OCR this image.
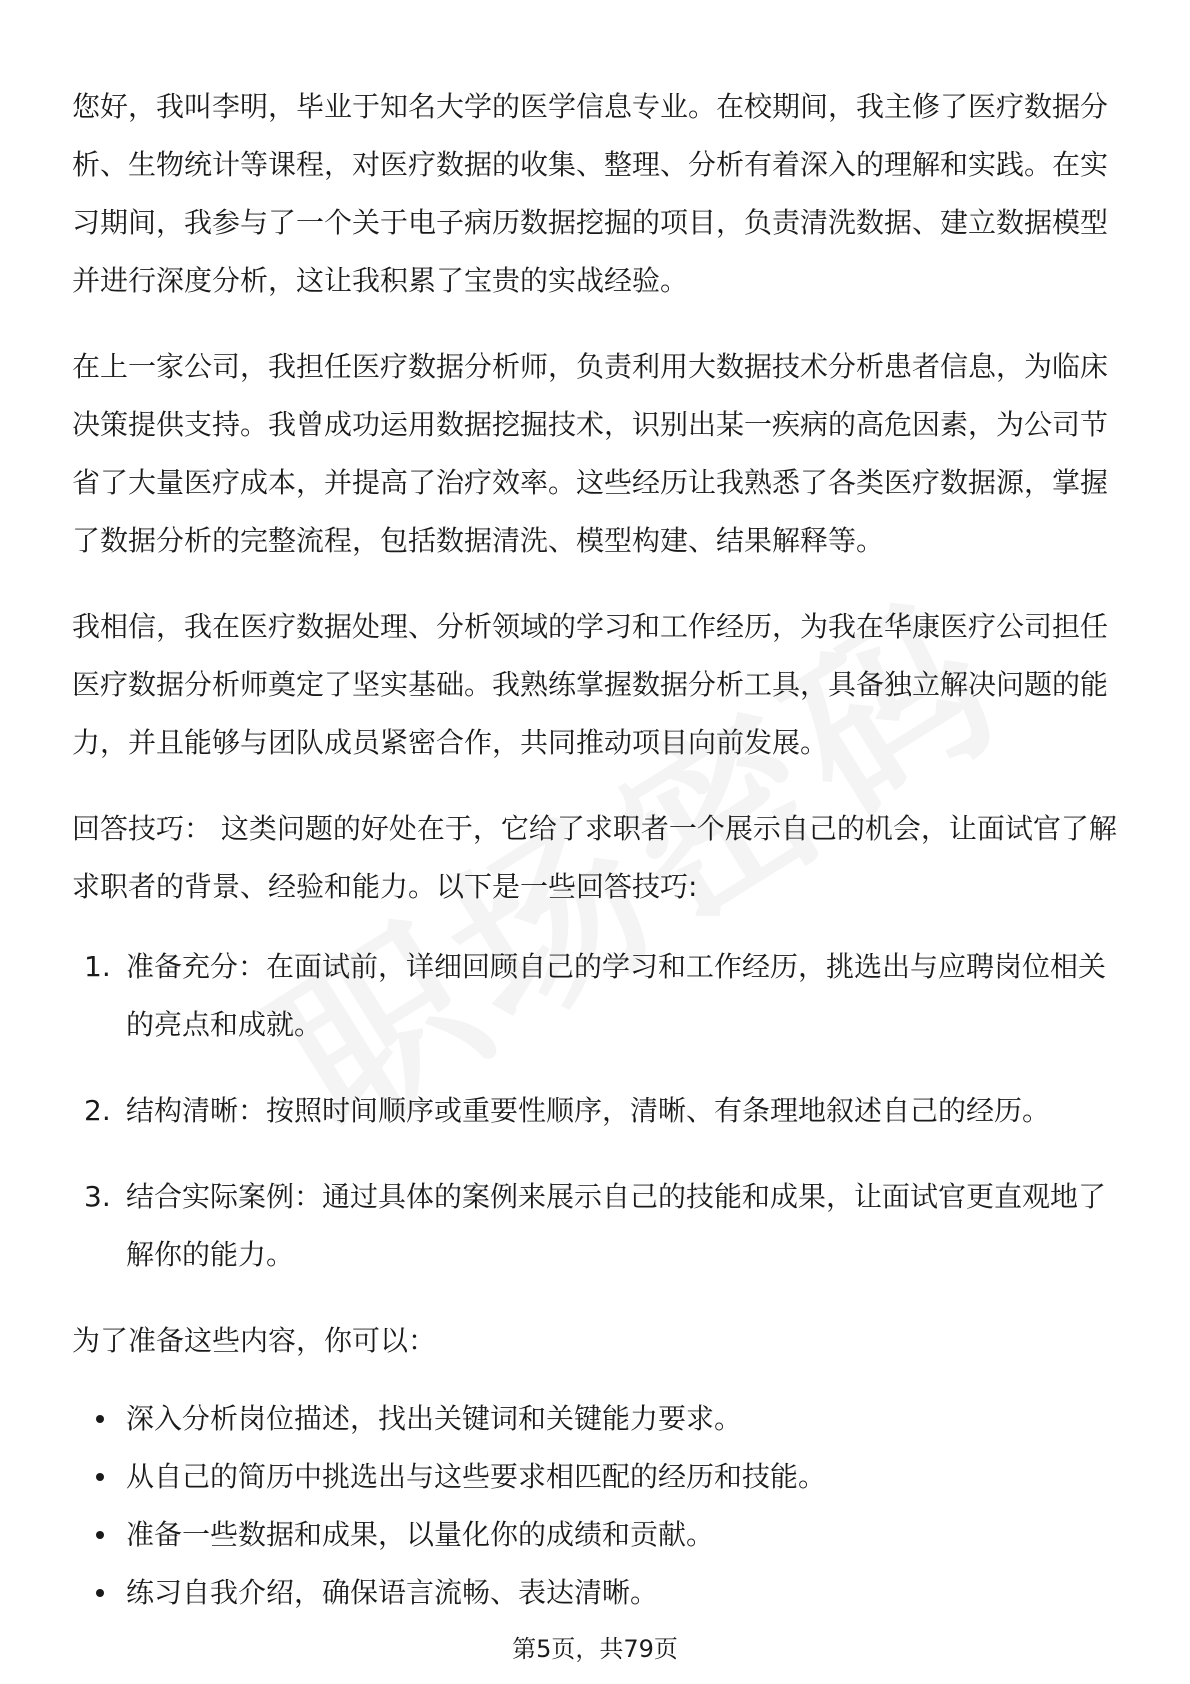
您好，我叫李明，毕业于知名大学的医学信息专业。在校期间，我主修了医疗数据分析、生物统计等课程，对医疗数据的收集、整理、分析有着深入的理解和实践。在实习期间，我参与了一个关于电子病历数据挖掘的项目，负责清洗数据、建立数据模型并进行深度分析，这让我积累了宝贵的实战经验。

在上一家公司，我担任医疗数据分析师，负责利用大数据技术分析患者信息，为临床决策提供支持。我曾成功运用数据挖掘技术，识别出某一疾病的高危因素，为公司节省了大量医疗成本，并提高了治疗效率。这些经历让我熟悉了各类医疗数据源，掌握了数据分析的完整流程，包括数据清洗、模型构建、结果解释等。

我相信，我在医疗数据处理、分析领域的学习和工作经历，为我在华康医疗公司担任医疗数据分析师奠定了坚实基础。我熟练掌握数据分析工具，具备独立解决问题的能力，并且能够与团队成员紧密合作，共同推动项目向前发展。

回答技巧： 这类问题的好处在于，它给了求职者一个展示自己的机会，让面试官了解求职者的背景、经验和能力。以下是一些回答技巧:

1. 准备充分：在面试前，详细回顾自己的学习和工作经历，挑选出与应聘岗位相关的亮点和成就。
2. 结构清晰：按照时间顺序或重要性顺序，清晰、有条理地叙述自己的经历。
3. 结合实际案例：通过具体的案例来展示自己的技能和成果，让面试官更直观地了解你的能力。

为了准备这些内容，你可以：

深入分析岗位描述，找出关键词和关键能力要求。
从自己的简历中挑选出与这些要求相匹配的经历和技能。
准备一些数据和成果，以量化你的成绩和贡献。
练习自我介绍，确保语言流畅、表达清晰。
第5页，共79页
